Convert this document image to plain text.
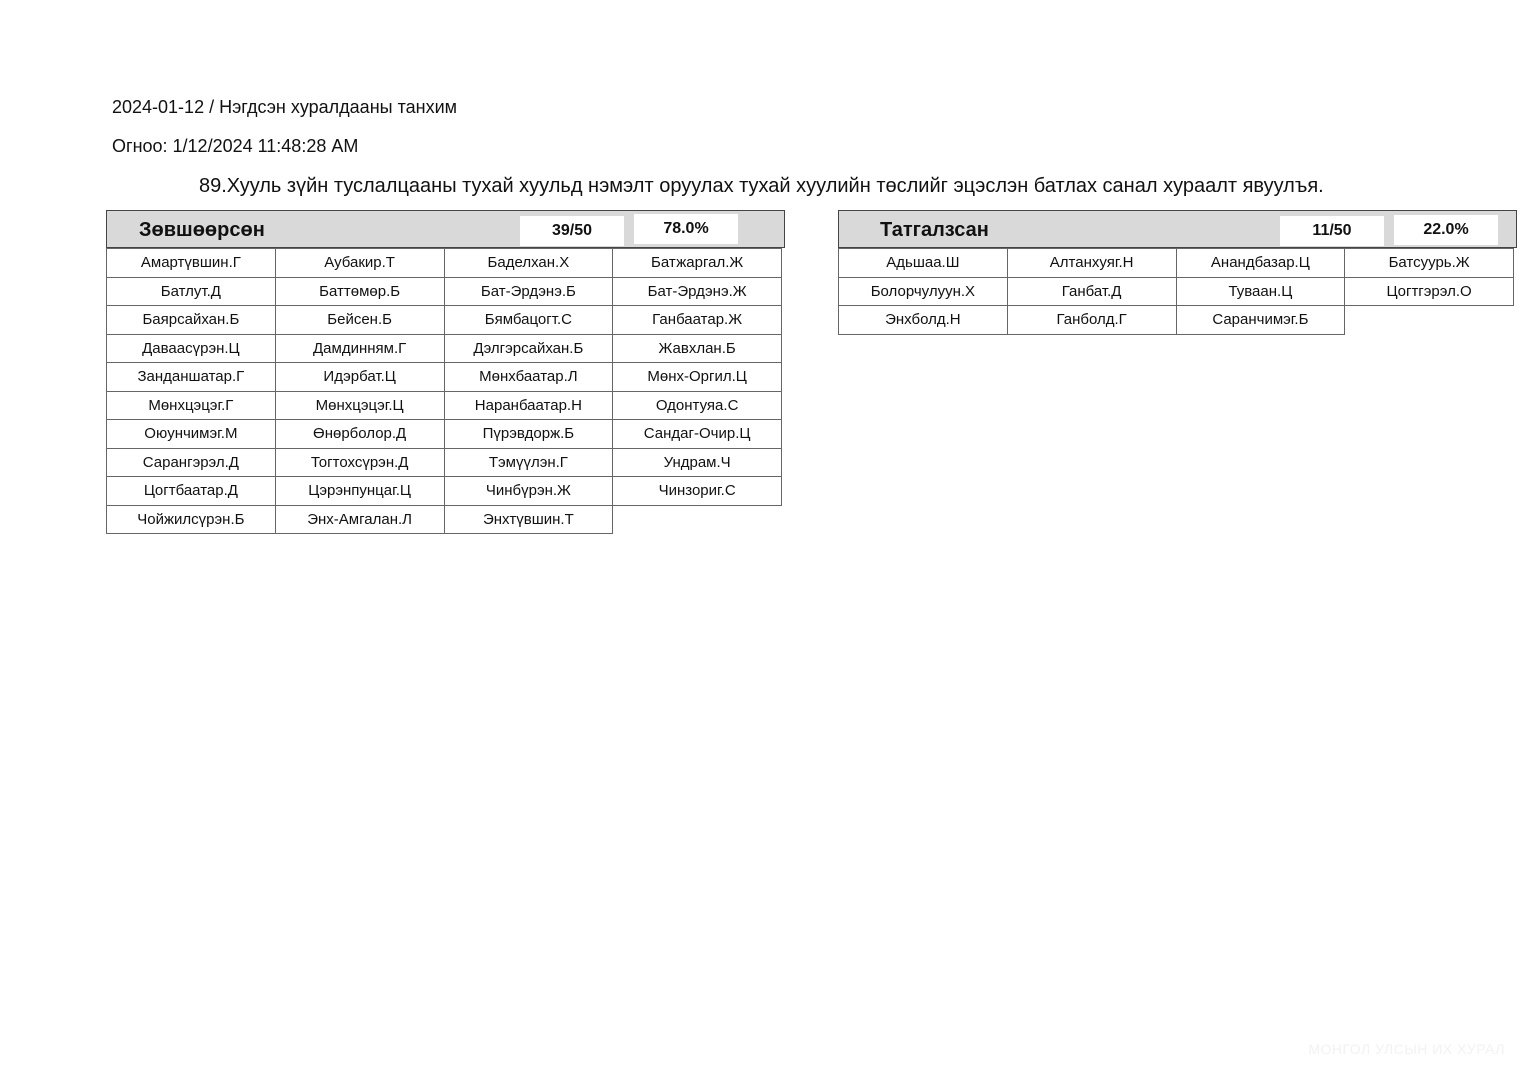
2024-01-12 / Нэгдсэн хуралдааны танхим
Огноо: 1/12/2024 11:48:28 AM
89.Хууль зүйн туслалцааны тухай хуульд нэмэлт оруулах тухай хуулийн төслийг эцэслэн батлах санал хураалт явуулъя.
Зөвшөөрсөн	39/50	78.0%
Амартүвшин.Г	Аубакир.Т	Баделхан.Х	Батжаргал.Ж
Батлут.Д	Баттөмөр.Б	Бат-Эрдэнэ.Б	Бат-Эрдэнэ.Ж
Баярсайхан.Б	Бейсен.Б	Бямбацогт.С	Ганбаатар.Ж
Даваасүрэн.Ц	Дамдинням.Г	Дэлгэрсайхан.Б	Жавхлан.Б
Занданшатар.Г	Идэрбат.Ц	Мөнхбаатар.Л	Мөнх-Оргил.Ц
Мөнхцэцэг.Г	Мөнхцэцэг.Ц	Наранбаатар.Н	Одонтуяа.С
Оюунчимэг.М	Өнөрболор.Д	Пүрэвдорж.Б	Сандаг-Очир.Ц
Сарангэрэл.Д	Тогтохсүрэн.Д	Тэмүүлэн.Г	Ундрам.Ч
Цогтбаатар.Д	Цэрэнпунцаг.Ц	Чинбүрэн.Ж	Чинзориг.С
Чойжилсүрэн.Б	Энх-Амгалан.Л	Энхтүвшин.Т
Татгалзсан	11/50	22.0%
Адьшаа.Ш	Алтанхуяг.Н	Анандбазар.Ц	Батсуурь.Ж
Болорчулуун.Х	Ганбат.Д	Туваан.Ц	Цогтгэрэл.О
Энхболд.Н	Ганболд.Г	Саранчимэг.Б
МОНГОЛ УЛСЫН ИХ ХУРАЛ
